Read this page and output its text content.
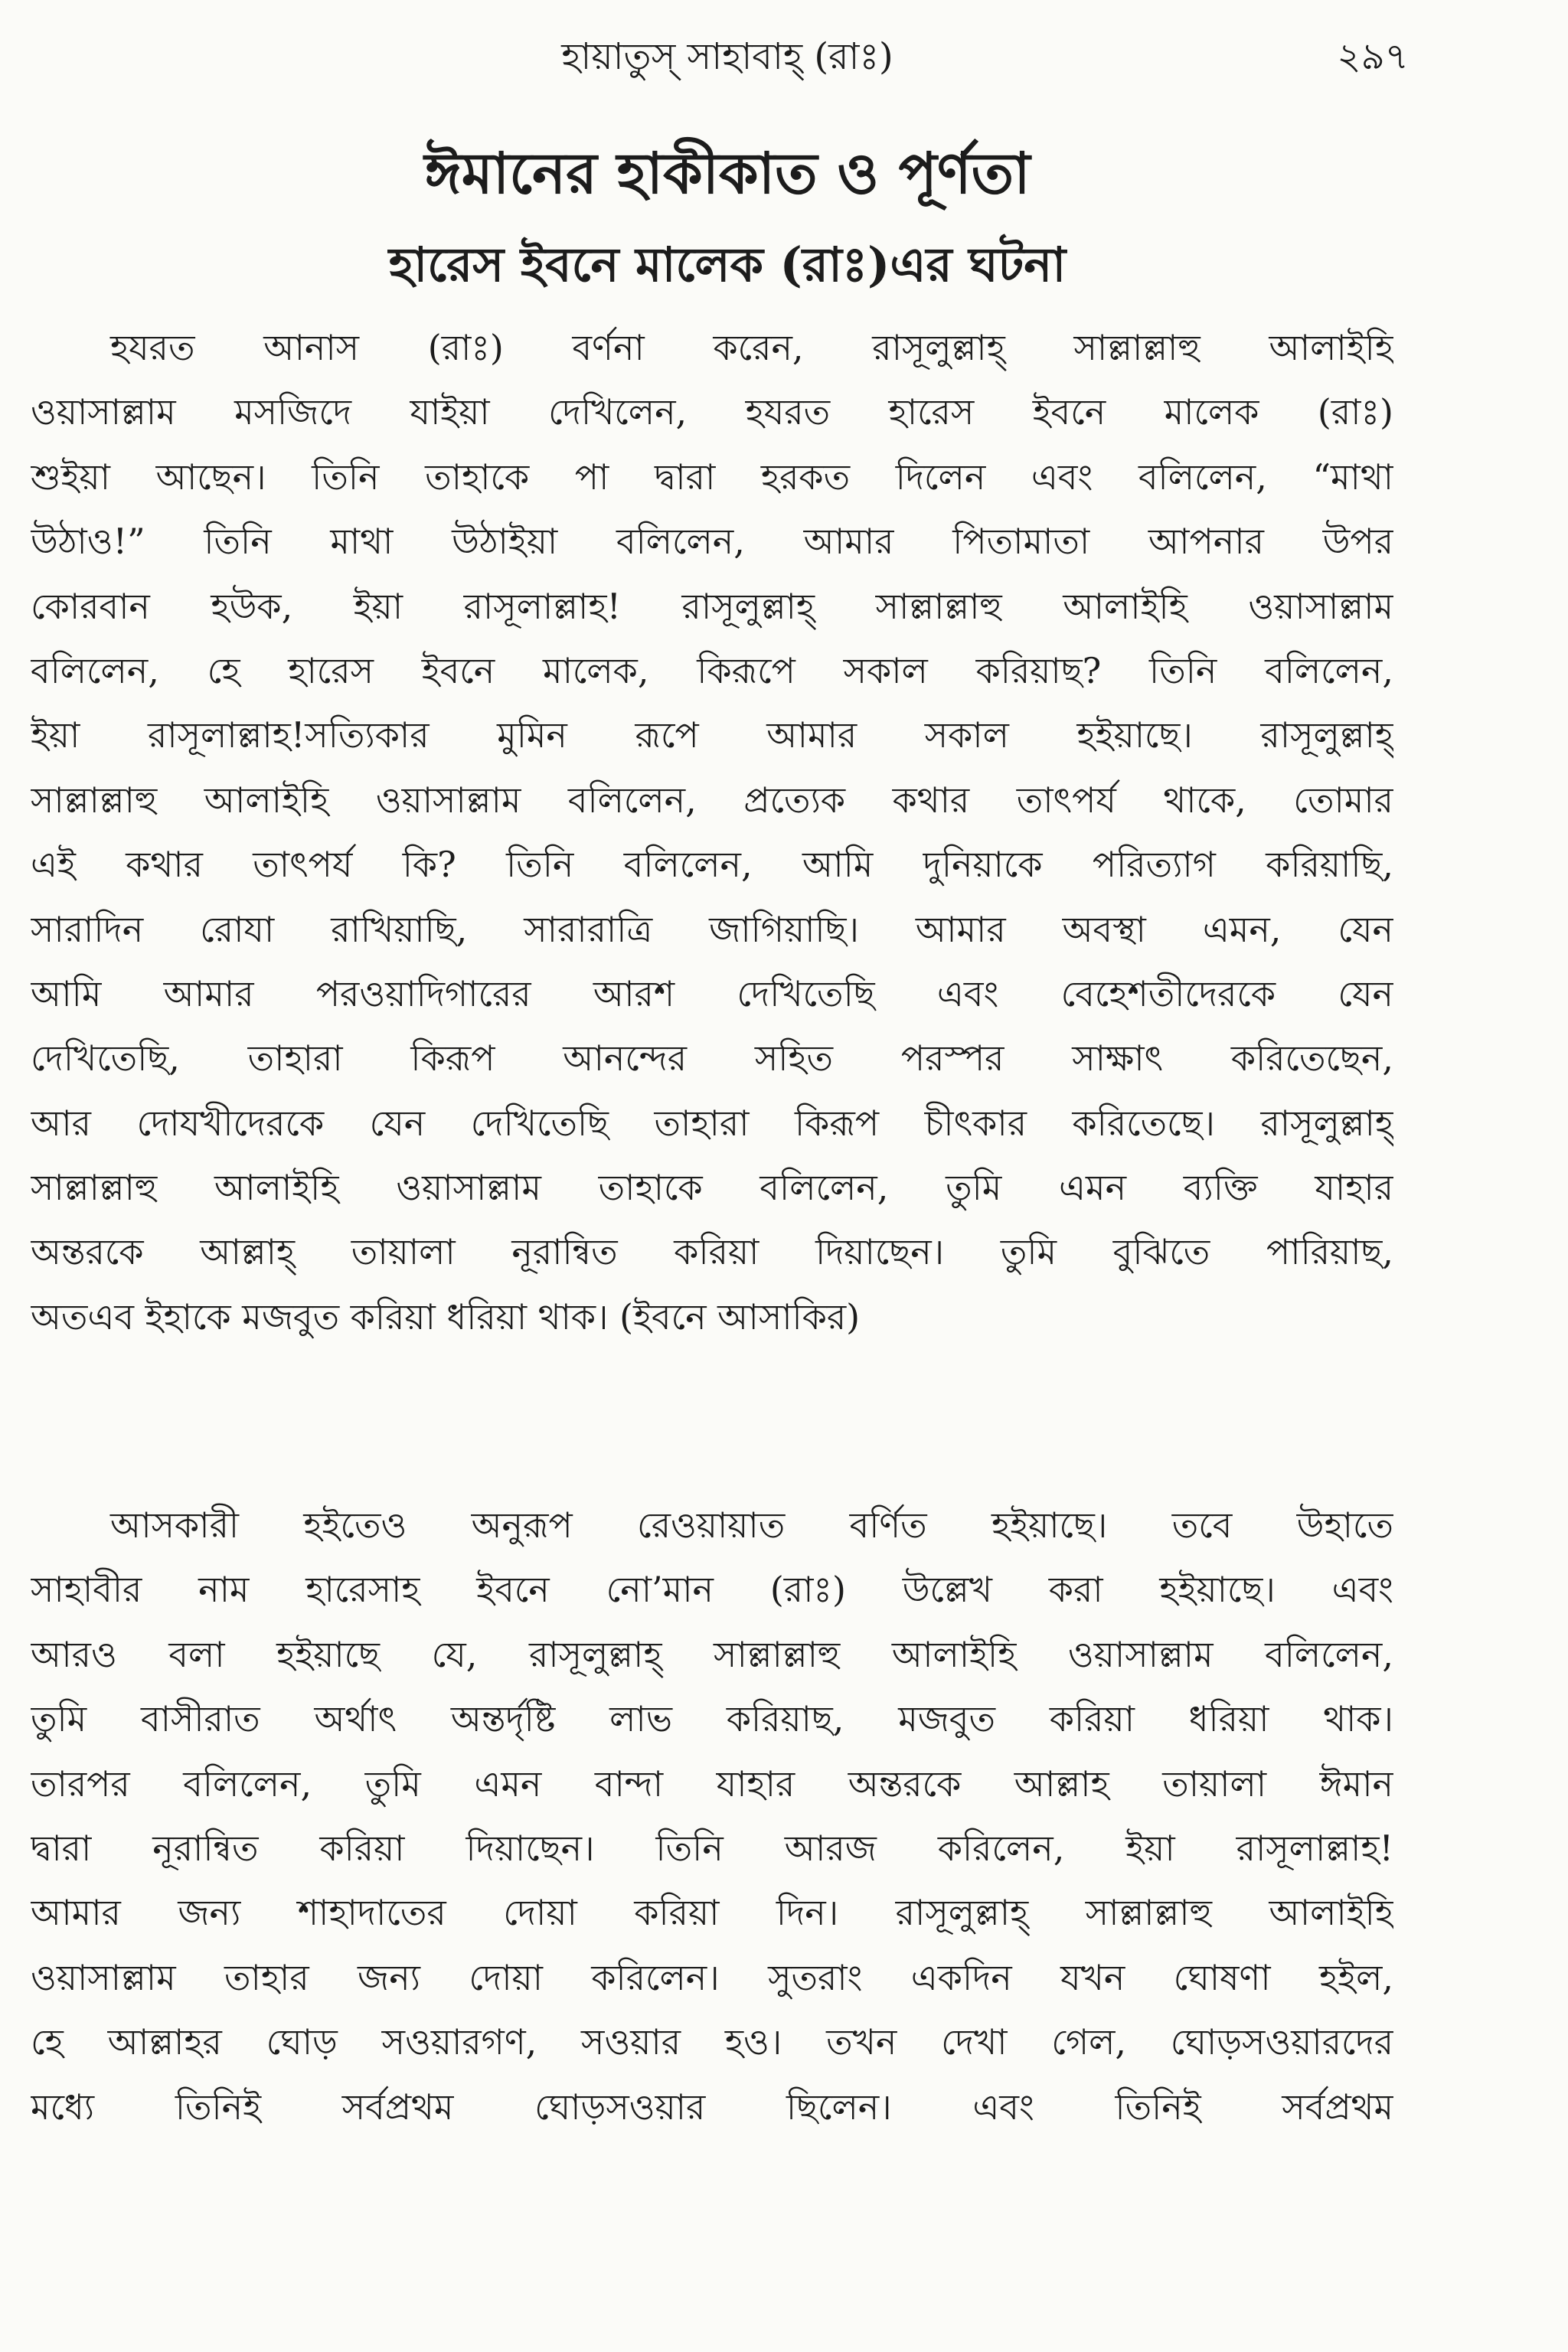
হায়াতুস্‌ সাহাবাহ্‌ (রাঃ)	২৯৭
ঈমানের হাকীকাত ও পূর্ণতা
হারেস ইবনে মালেক (রাঃ)এর ঘটনা
হযরত আনাস (রাঃ) বর্ণনা করেন, রাসূলুল্লাহ্‌ সাল্লাল্লাহু আলাইহি
ওয়াসাল্লাম মসজিদে যাইয়া দেখিলেন, হযরত হারেস ইবনে মালেক (রাঃ)
শুইয়া আছেন। তিনি তাহাকে পা দ্বারা হরকত দিলেন এবং বলিলেন, “মাথা
উঠাও!” তিনি মাথা উঠাইয়া বলিলেন, আমার পিতামাতা আপনার উপর
কোরবান হউক, ইয়া রাসূলাল্লাহ! রাসূলুল্লাহ্‌ সাল্লাল্লাহু আলাইহি ওয়াসাল্লাম
বলিলেন, হে হারেস ইবনে মালেক, কিরূপে সকাল করিয়াছ? তিনি বলিলেন,
ইয়া রাসূলাল্লাহ!সত্যিকার মুমিন রূপে আমার সকাল হইয়াছে। রাসূলুল্লাহ্‌
সাল্লাল্লাহু আলাইহি ওয়াসাল্লাম বলিলেন, প্রত্যেক কথার তাৎপর্য থাকে, তোমার
এই কথার তাৎপর্য কি? তিনি বলিলেন, আমি দুনিয়াকে পরিত্যাগ করিয়াছি,
সারাদিন রোযা রাখিয়াছি, সারারাত্রি জাগিয়াছি। আমার অবস্থা এমন, যেন
আমি আমার পরওয়াদিগারের আরশ দেখিতেছি এবং বেহেশতীদেরকে যেন
দেখিতেছি, তাহারা কিরূপ আনন্দের সহিত পরস্পর সাক্ষাৎ করিতেছেন,
আর দোযখীদেরকে যেন দেখিতেছি তাহারা কিরূপ চীৎকার করিতেছে। রাসূলুল্লাহ্‌
সাল্লাল্লাহু আলাইহি ওয়াসাল্লাম তাহাকে বলিলেন, তুমি এমন ব্যক্তি যাহার
অন্তরকে আল্লাহ্‌ তায়ালা নূরান্বিত করিয়া দিয়াছেন। তুমি বুঝিতে পারিয়াছ,
অতএব ইহাকে মজবুত করিয়া ধরিয়া থাক। (ইবনে আসাকির)
আসকারী হইতেও অনুরূপ রেওয়ায়াত বর্ণিত হইয়াছে। তবে উহাতে
সাহাবীর নাম হারেসাহ ইবনে নো’মান (রাঃ) উল্লেখ করা হইয়াছে। এবং
আরও বলা হইয়াছে যে, রাসূলুল্লাহ্‌ সাল্লাল্লাহু আলাইহি ওয়াসাল্লাম বলিলেন,
তুমি বাসীরাত অর্থাৎ অন্তর্দৃষ্টি লাভ করিয়াছ, মজবুত করিয়া ধরিয়া থাক।
তারপর বলিলেন, তুমি এমন বান্দা যাহার অন্তরকে আল্লাহ তায়ালা ঈমান
দ্বারা নূরান্বিত করিয়া দিয়াছেন। তিনি আরজ করিলেন, ইয়া রাসূলাল্লাহ!
আমার জন্য শাহাদাতের দোয়া করিয়া দিন। রাসূলুল্লাহ্‌ সাল্লাল্লাহু আলাইহি
ওয়াসাল্লাম তাহার জন্য দোয়া করিলেন। সুতরাং একদিন যখন ঘোষণা হইল,
হে আল্লাহর ঘোড় সওয়ারগণ, সওয়ার হও। তখন দেখা গেল, ঘোড়সওয়ারদের
মধ্যে তিনিই সর্বপ্রথম ঘোড়সওয়ার ছিলেন। এবং তিনিই সর্বপ্রথম
